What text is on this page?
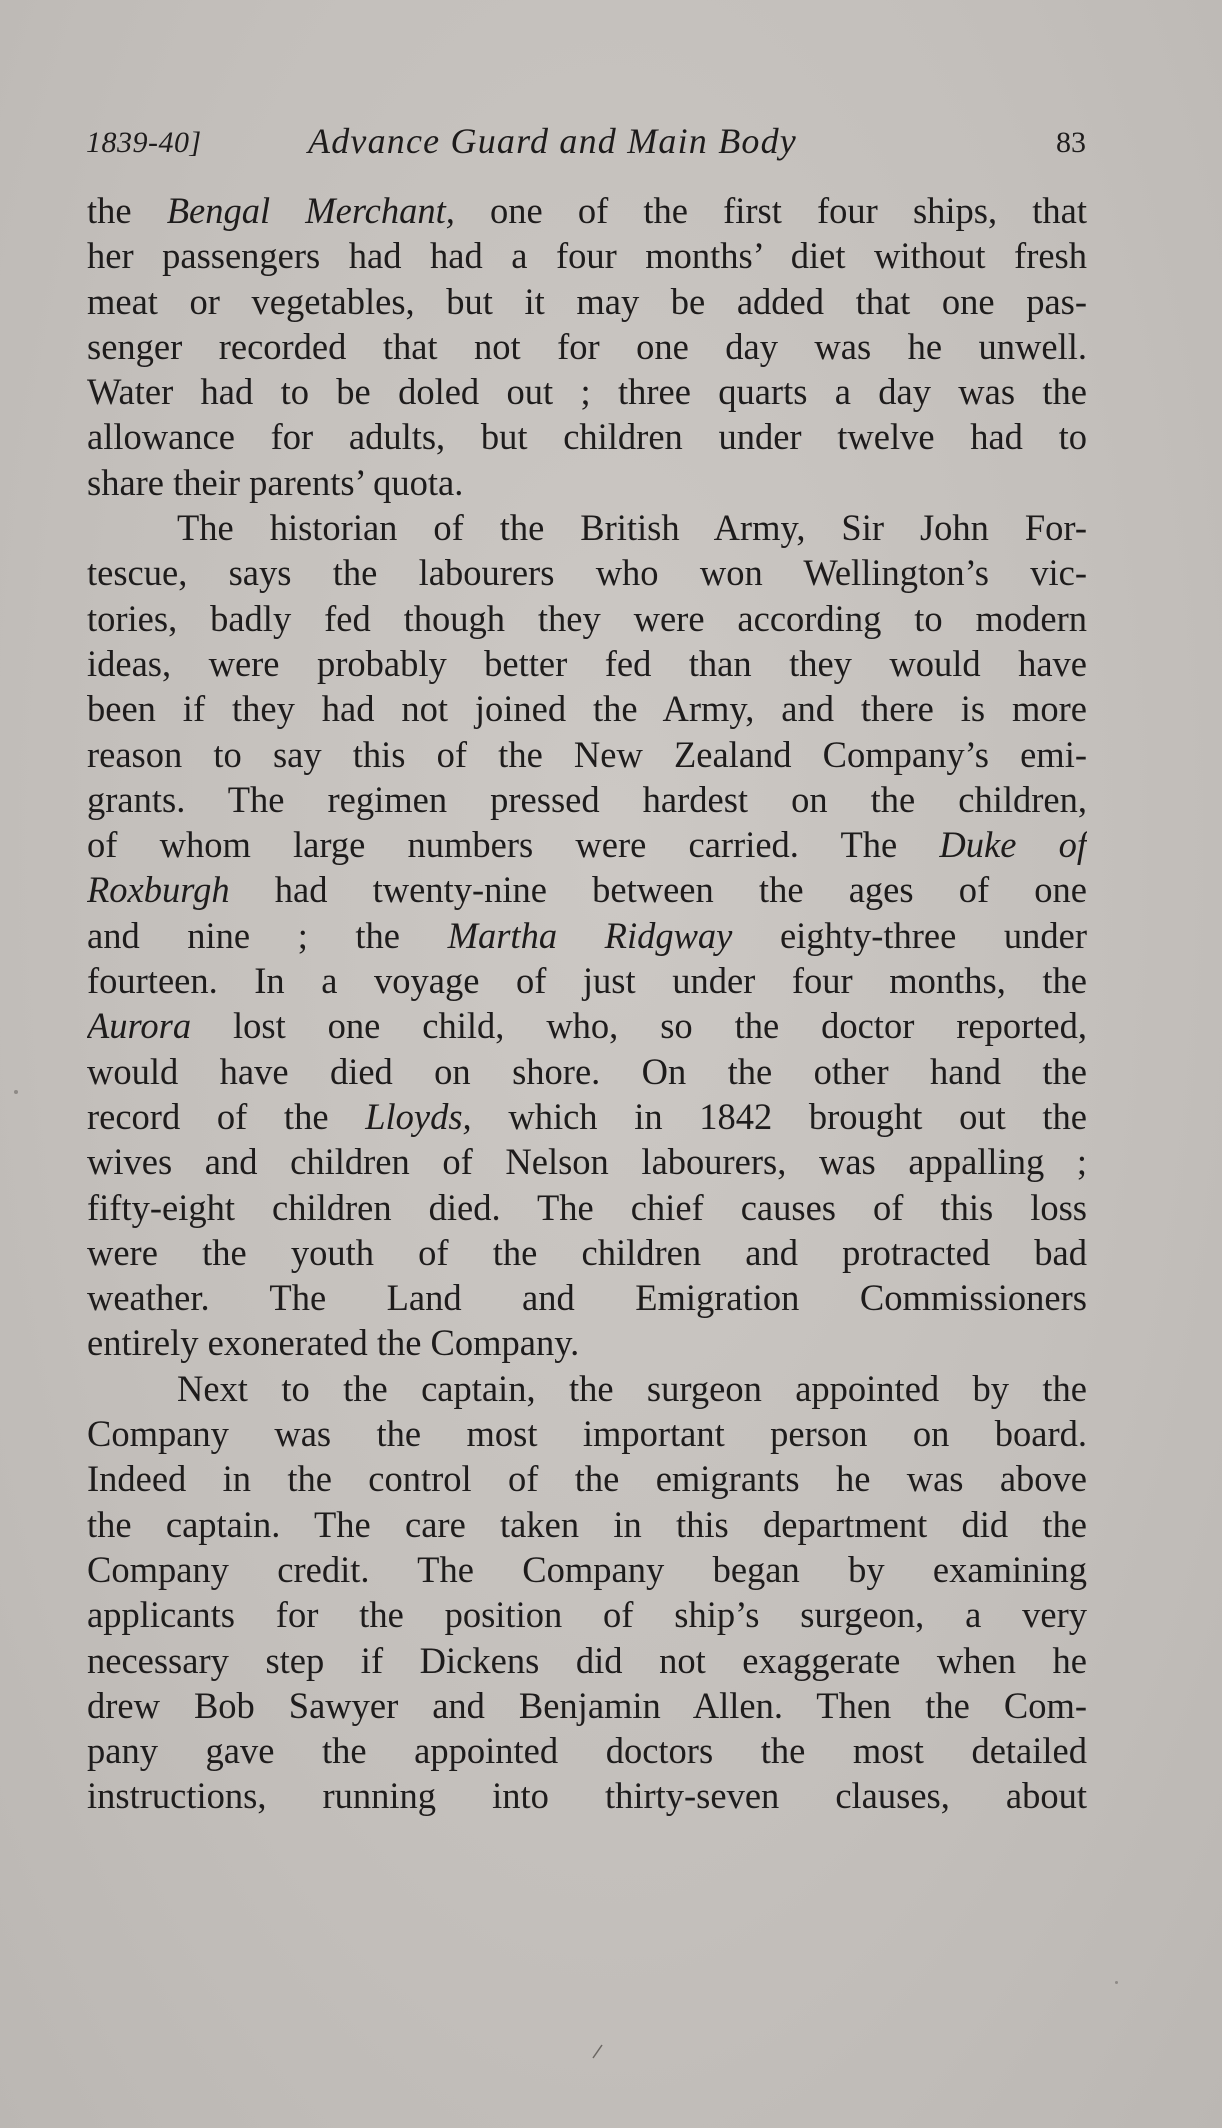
1839-40]	Advance Guard and Main Body	83
the Bengal Merchant, one of the first four ships, that
her passengers had had a four months’ diet without fresh
meat or vegetables, but it may be added that one pas-
senger recorded that not for one day was he unwell.
Water had to be doled out ; three quarts a day was the
allowance for adults, but children under twelve had to
share their parents’ quota.
The historian of the British Army, Sir John For-
tescue, says the labourers who won Wellington’s vic-
tories, badly fed though they were according to modern
ideas, were probably better fed than they would have
been if they had not joined the Army, and there is more
reason to say this of the New Zealand Company’s emi-
grants. The regimen pressed hardest on the children,
of whom large numbers were carried. The Duke of
Roxburgh had twenty-nine between the ages of one
and nine ; the Martha Ridgway eighty-three under
fourteen. In a voyage of just under four months, the
Aurora lost one child, who, so the doctor reported,
would have died on shore. On the other hand the
record of the Lloyds, which in 1842 brought out the
wives and children of Nelson labourers, was appalling ;
fifty-eight children died. The chief causes of this loss
were the youth of the children and protracted bad
weather. The Land and Emigration Commissioners
entirely exonerated the Company.
Next to the captain, the surgeon appointed by the
Company was the most important person on board.
Indeed in the control of the emigrants he was above
the captain. The care taken in this department did the
Company credit. The Company began by examining
applicants for the position of ship’s surgeon, a very
necessary step if Dickens did not exaggerate when he
drew Bob Sawyer and Benjamin Allen. Then the Com-
pany gave the appointed doctors the most detailed
instructions, running into thirty-seven clauses, about
